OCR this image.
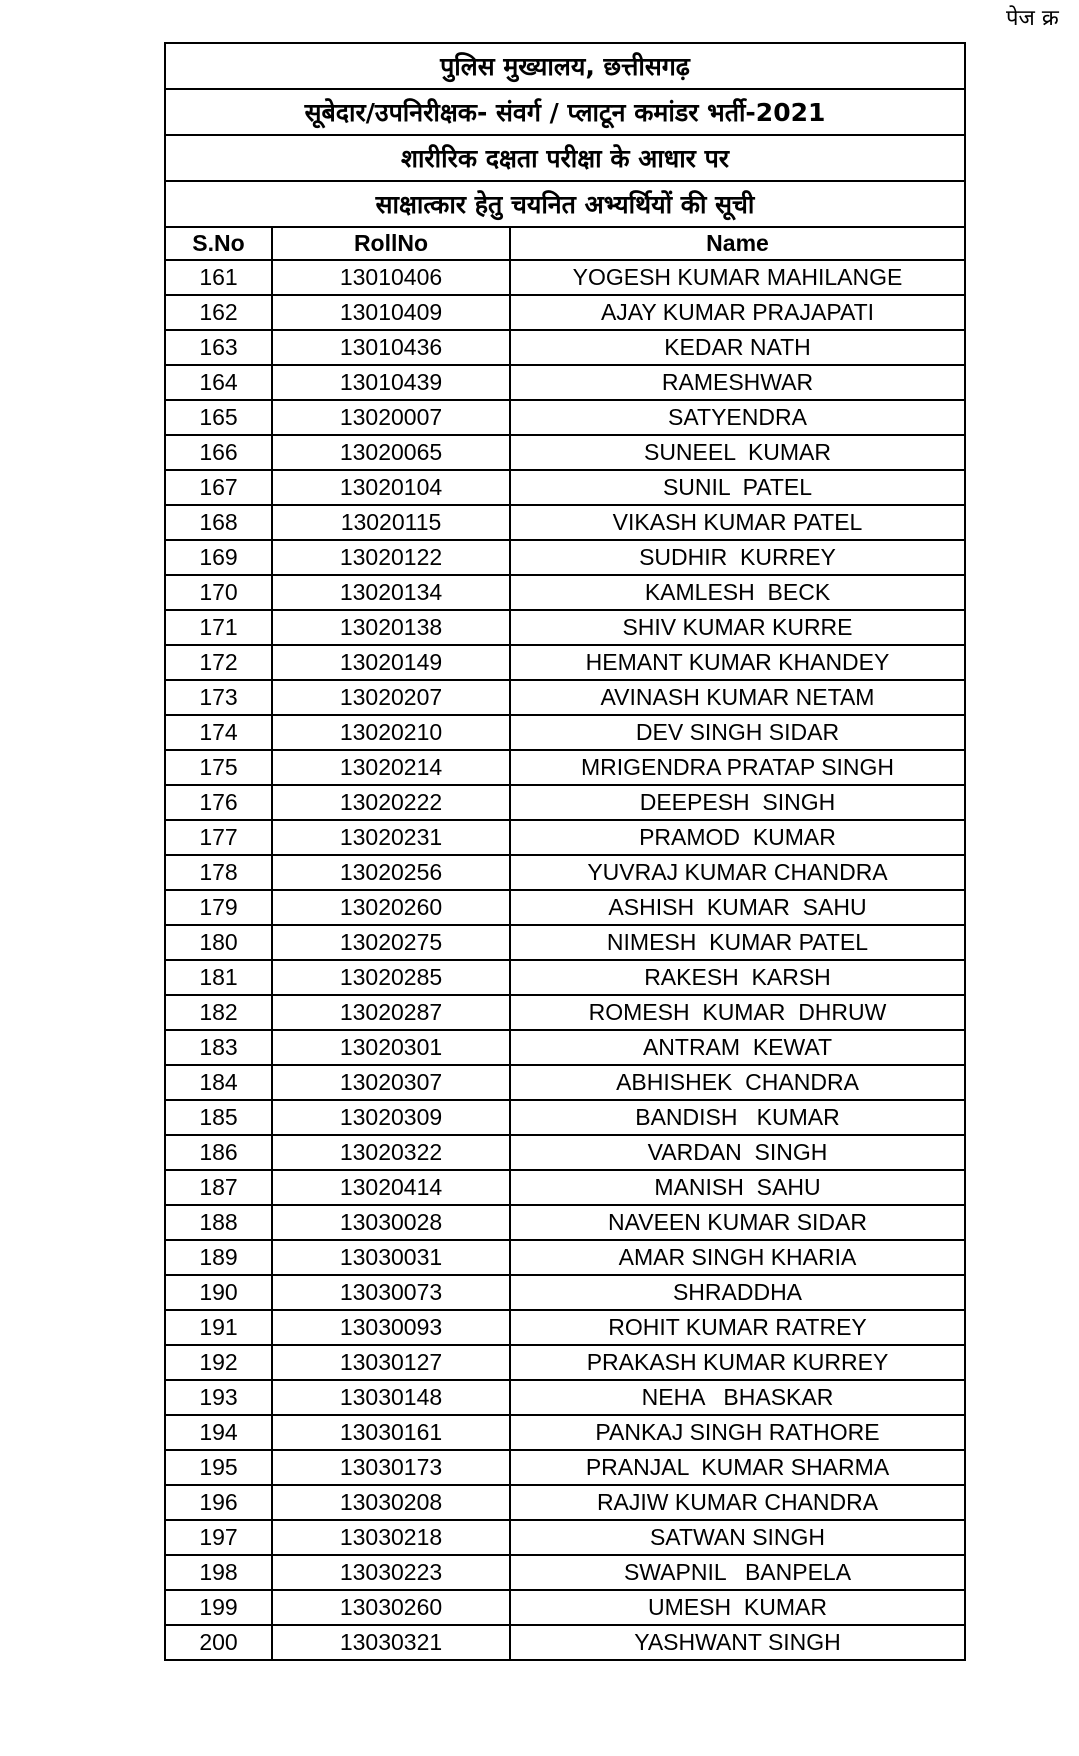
पेज क्र
पुलिस मुख्यालय, छत्तीसगढ़		
सूबेदार/उपनिरीक्षक- संवर्ग / प्लाटून कमांडर भर्ती-2021		
शारीरिक दक्षता परीक्षा के आधार पर		
साक्षात्कार हेतु चयनित अभ्यर्थियों की सूची		
S.No	RollNo	Name
161	13010406	YOGESH KUMAR MAHILANGE
162	13010409	AJAY KUMAR PRAJAPATI
163	13010436	KEDAR NATH
164	13010439	RAMESHWAR
165	13020007	SATYENDRA
166	13020065	SUNEEL  KUMAR
167	13020104	SUNIL  PATEL
168	13020115	VIKASH KUMAR PATEL
169	13020122	SUDHIR  KURREY
170	13020134	KAMLESH  BECK
171	13020138	SHIV KUMAR KURRE
172	13020149	HEMANT KUMAR KHANDEY
173	13020207	AVINASH KUMAR NETAM
174	13020210	DEV SINGH SIDAR
175	13020214	MRIGENDRA PRATAP SINGH
176	13020222	DEEPESH  SINGH
177	13020231	PRAMOD  KUMAR
178	13020256	YUVRAJ KUMAR CHANDRA
179	13020260	ASHISH  KUMAR  SAHU
180	13020275	NIMESH  KUMAR PATEL
181	13020285	RAKESH  KARSH
182	13020287	ROMESH  KUMAR  DHRUW
183	13020301	ANTRAM  KEWAT
184	13020307	ABHISHEK  CHANDRA
185	13020309	BANDISH   KUMAR
186	13020322	VARDAN  SINGH
187	13020414	MANISH  SAHU
188	13030028	NAVEEN KUMAR SIDAR
189	13030031	AMAR SINGH KHARIA
190	13030073	SHRADDHA
191	13030093	ROHIT KUMAR RATREY
192	13030127	PRAKASH KUMAR KURREY
193	13030148	NEHA   BHASKAR
194	13030161	PANKAJ SINGH RATHORE
195	13030173	PRANJAL  KUMAR SHARMA
196	13030208	RAJIW KUMAR CHANDRA
197	13030218	SATWAN SINGH
198	13030223	SWAPNIL   BANPELA
199	13030260	UMESH  KUMAR
200	13030321	YASHWANT SINGH
